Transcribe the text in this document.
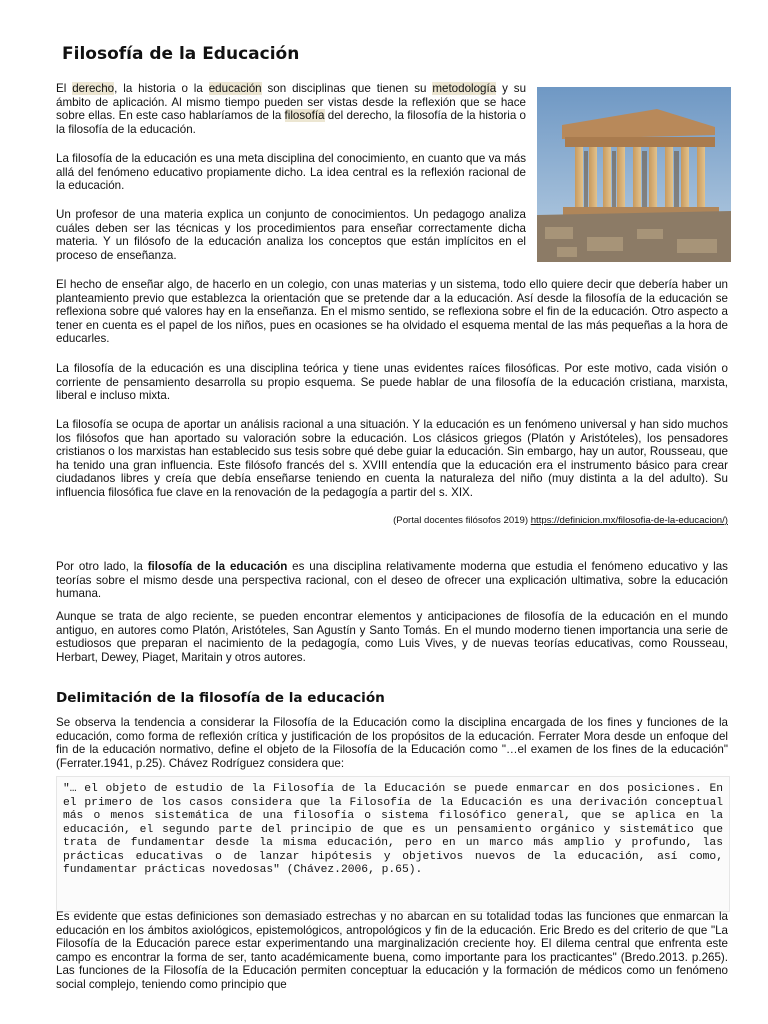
Filosofía de la Educación

El derecho, la historia o la educación son disciplinas que tienen su metodología y su ámbito de aplicación. Al mismo tiempo pueden ser vistas desde la reflexión que se hace sobre ellas. En este caso hablaríamos de la filosofía del derecho, la filosofía de la historia o la filosofía de la educación.

La filosofía de la educación es una meta disciplina del conocimiento, en cuanto que va más allá del fenómeno educativo propiamente dicho. La idea central es la reflexión racional de la educación.

Un profesor de una materia explica un conjunto de conocimientos. Un pedagogo analiza cuáles deben ser las técnicas y los procedimientos para enseñar correctamente dicha materia. Y un filósofo de la educación analiza los conceptos que están implícitos en el proceso de enseñanza.

El hecho de enseñar algo, de hacerlo en un colegio, con unas materias y un sistema, todo ello quiere decir que debería haber un planteamiento previo que establezca la orientación que se pretende dar a la educación. Así desde la filosofía de la educación se reflexiona sobre qué valores hay en la enseñanza. En el mismo sentido, se reflexiona sobre el fin de la educación. Otro aspecto a tener en cuenta es el papel de los niños, pues en ocasiones se ha olvidado el esquema mental de las más pequeñas a la hora de educarles.

La filosofía de la educación es una disciplina teórica y tiene unas evidentes raíces filosóficas. Por este motivo, cada visión o corriente de pensamiento desarrolla su propio esquema. Se puede hablar de una filosofía de la educación cristiana, marxista, liberal e incluso mixta.

La filosofía se ocupa de aportar un análisis racional a una situación. Y la educación es un fenómeno universal y han sido muchos los filósofos que han aportado su valoración sobre la educación. Los clásicos griegos (Platón y Aristóteles), los pensadores cristianos o los marxistas han establecido sus tesis sobre qué debe guiar la educación. Sin embargo, hay un autor, Rousseau, que ha tenido una gran influencia. Este filósofo francés del s. XVIII entendía que la educación era el instrumento básico para crear ciudadanos libres y creía que debía enseñarse teniendo en cuenta la naturaleza del niño (muy distinta a la del adulto). Su influencia filosófica fue clave en la renovación de la pedagogía a partir del s. XIX.

(Portal docentes filósofos 2019) https://definicion.mx/filosofia-de-la-educacion/)

Por otro lado, la filosofía de la educación es una disciplina relativamente moderna que estudia el fenómeno educativo y las teorías sobre el mismo desde una perspectiva racional, con el deseo de ofrecer una explicación ultimativa, sobre la educación humana.

Aunque se trata de algo reciente, se pueden encontrar elementos y anticipaciones de filosofía de la educación en el mundo antiguo, en autores como Platón, Aristóteles, San Agustín y Santo Tomás. En el mundo moderno tienen importancia una serie de estudiosos que preparan el nacimiento de la pedagogía, como Luis Vives, y de nuevas teorías educativas, como Rousseau, Herbart, Dewey, Piaget, Maritain y otros autores.

Delimitación de la filosofía de la educación

Se observa la tendencia a considerar la Filosofía de la Educación como la disciplina encargada de los fines y funciones de la educación, como forma de reflexión crítica y justificación de los propósitos de la educación. Ferrater Mora desde un enfoque del fin de la educación normativo, define el objeto de la Filosofía de la Educación como "…el examen de los fines de la educación" (Ferrater.1941, p.25). Chávez Rodríguez considera que:

"… el objeto de estudio de la Filosofía de la Educación se puede enmarcar en dos posiciones. En el primero de los casos considera que la Filosofía de la Educación es una derivación conceptual más o menos sistemática de una filosofía o sistema filosófico general, que se aplica en la educación, el segundo parte del principio de que es un pensamiento orgánico y sistemático que trata de fundamentar desde la misma educación, pero en un marco más amplio y profundo, las prácticas educativas o de lanzar hipótesis y objetivos nuevos de la educación, así como, fundamentar prácticas novedosas" (Chávez.2006, p.65).

Es evidente que estas definiciones son demasiado estrechas y no abarcan en su totalidad todas las funciones que enmarcan la educación en los ámbitos axiológicos, epistemológicos, antropológicos y fin de la educación. Eric Bredo es del criterio de que "La Filosofía de la Educación parece estar experimentando una marginalización creciente hoy. El dilema central que enfrenta este campo es encontrar la forma de ser, tanto académicamente buena, como importante para los practicantes" (Bredo.2013. p.265). Las funciones de la Filosofía de la Educación permiten conceptuar la educación y la formación de médicos como un fenómeno social complejo, teniendo como principio que
